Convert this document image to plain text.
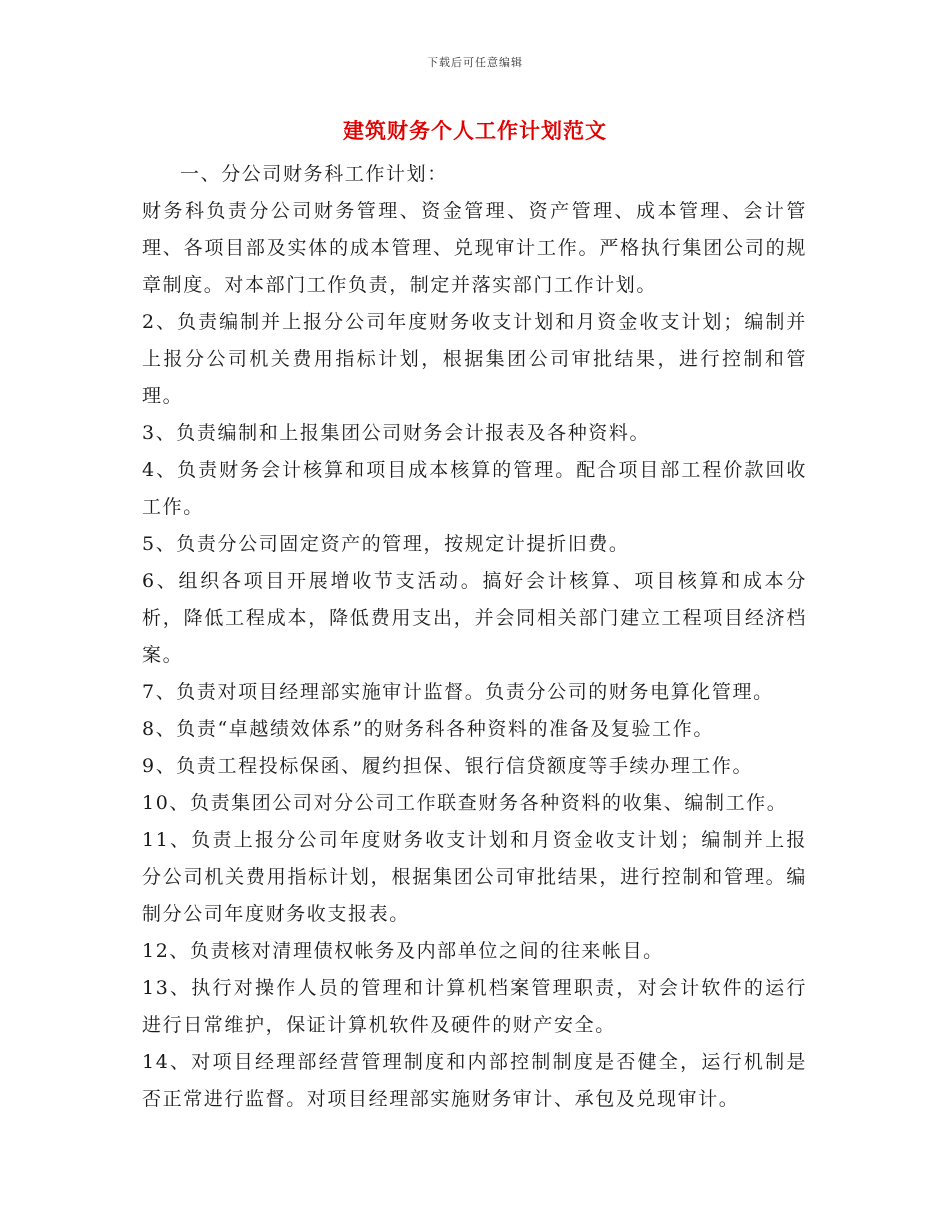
下载后可任意编辑
建筑财务个人工作计划范文

一、分公司财务科工作计划：

财务科负责分公司财务管理、资金管理、资产管理、成本管理、会计管理、各项目部及实体的成本管理、兑现审计工作。严格执行集团公司的规章制度。对本部门工作负责，制定并落实部门工作计划。

2、负责编制并上报分公司年度财务收支计划和月资金收支计划；编制并上报分公司机关费用指标计划，根据集团公司审批结果，进行控制和管理。

3、负责编制和上报集团公司财务会计报表及各种资料。

4、负责财务会计核算和项目成本核算的管理。配合项目部工程价款回收工作。

5、负责分公司固定资产的管理，按规定计提折旧费。

6、组织各项目开展增收节支活动。搞好会计核算、项目核算和成本分析，降低工程成本，降低费用支出，并会同相关部门建立工程项目经济档案。

7、负责对项目经理部实施审计监督。负责分公司的财务电算化管理。

8、负责“卓越绩效体系”的财务科各种资料的准备及复验工作。

9、负责工程投标保函、履约担保、银行信贷额度等手续办理工作。

10、负责集团公司对分公司工作联查财务各种资料的收集、编制工作。

11、负责上报分公司年度财务收支计划和月资金收支计划；编制并上报分公司机关费用指标计划，根据集团公司审批结果，进行控制和管理。编制分公司年度财务收支报表。

12、负责核对清理债权帐务及内部单位之间的往来帐目。

13、执行对操作人员的管理和计算机档案管理职责，对会计软件的运行进行日常维护，保证计算机软件及硬件的财产安全。

14、对项目经理部经营管理制度和内部控制制度是否健全，运行机制是否正常进行监督。对项目经理部实施财务审计、承包及兑现审计。
